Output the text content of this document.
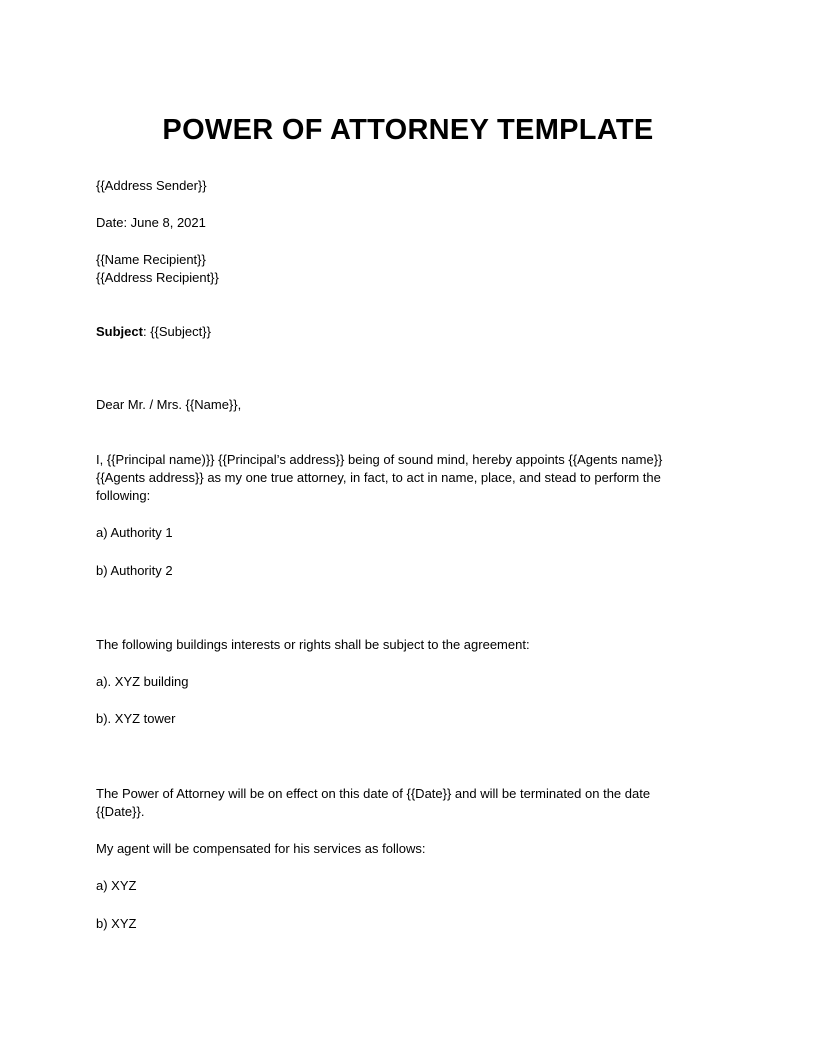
POWER OF ATTORNEY TEMPLATE
{{Address Sender}}
Date: June 8, 2021
{{Name Recipient}}
{{Address Recipient}}
Subject: {{Subject}}
Dear Mr. / Mrs. {{Name}},
I, {{Principal name)}} {{Principal’s address}} being of sound mind, hereby appoints {{Agents name}}
{{Agents address}} as my one true attorney, in fact, to act in name, place, and stead to perform the
following:
a) Authority 1
b) Authority 2
The following buildings interests or rights shall be subject to the agreement:
a). XYZ building
b). XYZ tower
The Power of Attorney will be on effect on this date of {{Date}} and will be terminated on the date
{{Date}}.
My agent will be compensated for his services as follows:
a) XYZ
b) XYZ
